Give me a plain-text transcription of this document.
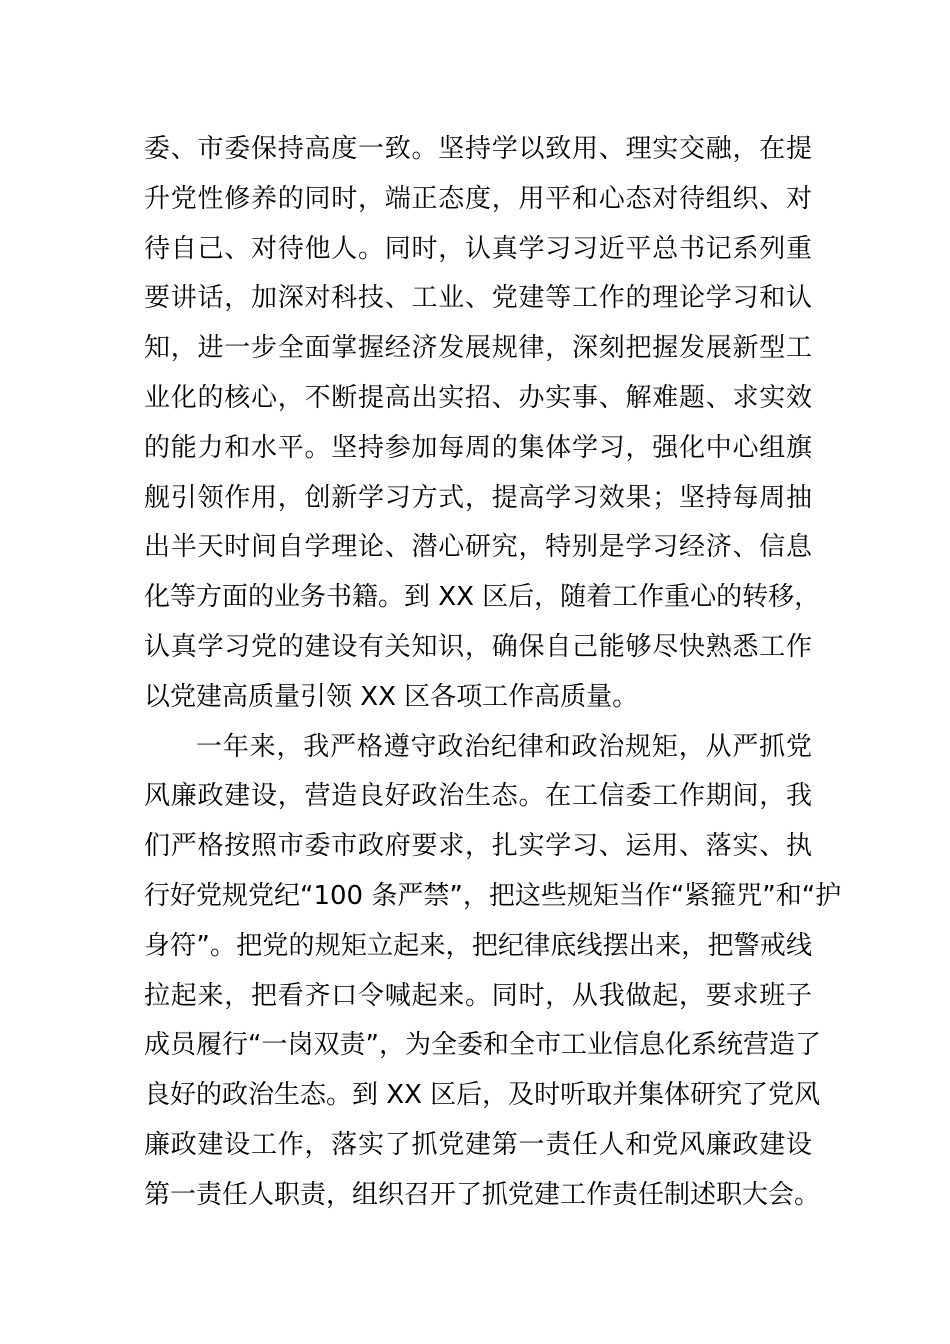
委、市委保持高度一致。坚持学以致用、理实交融，在提
升党性修养的同时，端正态度，用平和心态对待组织、对
待自己、对待他人。同时，认真学习习近平总书记系列重
要讲话，加深对科技、工业、党建等工作的理论学习和认
知，进一步全面掌握经济发展规律，深刻把握发展新型工
业化的核心，不断提高出实招、办实事、解难题、求实效
的能力和水平。坚持参加每周的集体学习，强化中心组旗
舰引领作用，创新学习方式，提高学习效果；坚持每周抽
出半天时间自学理论、潜心研究，特别是学习经济、信息
化等方面的业务书籍。到 XX 区后，随着工作重心的转移，
认真学习党的建设有关知识，确保自己能够尽快熟悉工作
以党建高质量引领 XX 区各项工作高质量。
一年来，我严格遵守政治纪律和政治规矩，从严抓党
风廉政建设，营造良好政治生态。在工信委工作期间，我
们严格按照市委市政府要求，扎实学习、运用、落实、执
行好党规党纪“100 条严禁”，把这些规矩当作“紧箍咒”和“护
身符”。把党的规矩立起来，把纪律底线摆出来，把警戒线
拉起来，把看齐口令喊起来。同时，从我做起，要求班子
成员履行“一岗双责”，为全委和全市工业信息化系统营造了
良好的政治生态。到 XX 区后，及时听取并集体研究了党风
廉政建设工作，落实了抓党建第一责任人和党风廉政建设
第一责任人职责，组织召开了抓党建工作责任制述职大会。
